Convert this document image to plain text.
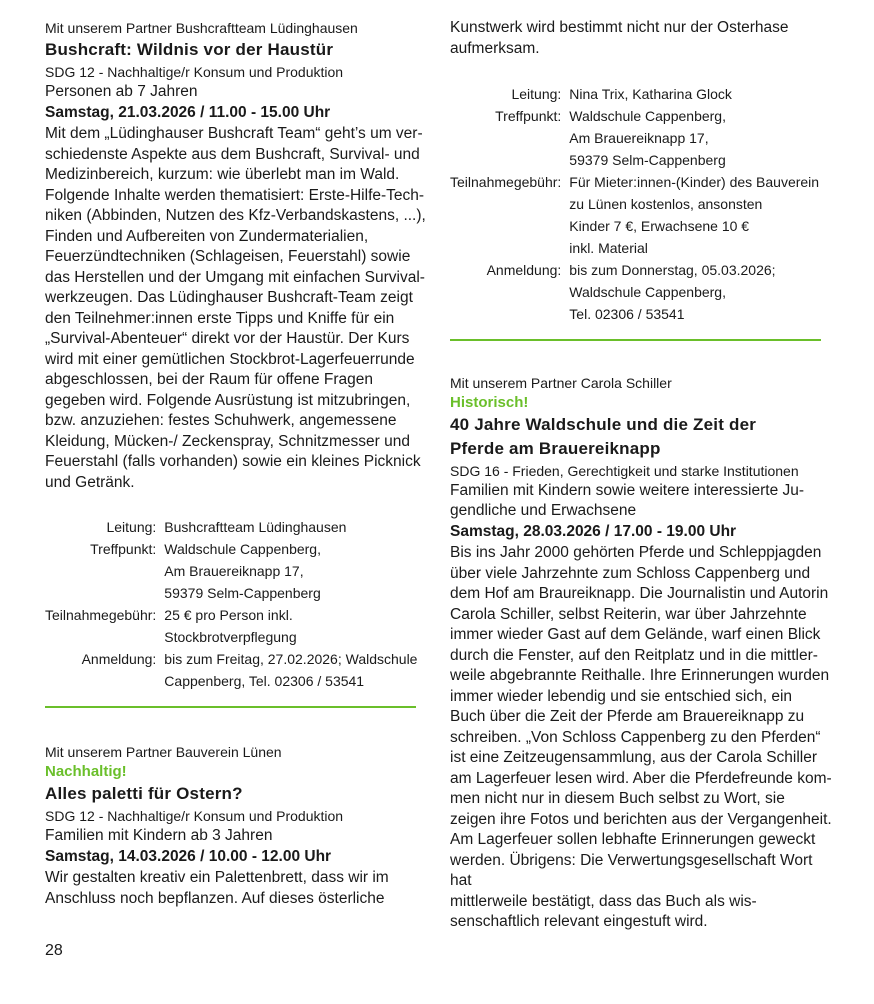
Mit unserem Partner Bushcraftteam Lüdinghausen
Bushcraft: Wildnis vor der Haustür
SDG 12 - Nachhaltige/r Konsum und Produktion
Personen ab 7 Jahren
Samstag, 21.03.2026 / 11.00 - 15.00 Uhr
Mit dem „Lüdinghauser Bushcraft Team“ geht’s um ver-
schiedenste Aspekte aus dem Bushcraft, Survival- und
Medizinbereich, kurzum: wie überlebt man im Wald.
Folgende Inhalte werden thematisiert: Erste-Hilfe-Tech-
niken (Abbinden, Nutzen des Kfz-Verbandskastens, ...),
Finden und Aufbereiten von Zundermaterialien,
Feuerzündtechniken (Schlageisen, Feuerstahl) sowie
das Herstellen und der Umgang mit einfachen Survival-
werkzeugen. Das Lüdinghauser Bushcraft-Team zeigt
den Teilnehmer:innen erste Tipps und Kniffe für ein
„Survival-Abenteuer“ direkt vor der Haustür. Der Kurs
wird mit einer gemütlichen Stockbrot-Lagerfeuerrunde
abgeschlossen, bei der Raum für offene Fragen
gegeben wird. Folgende Ausrüstung ist mitzubringen,
bzw. anzuziehen: festes Schuhwerk, angemessene
Kleidung, Mücken-/ Zeckenspray, Schnitzmesser und
Feuerstahl (falls vorhanden) sowie ein kleines Picknick
und Getränk.
Leitung:	Bushcraftteam Lüdinghausen

Treffpunkt:	Waldschule Cappenberg,
Am Brauereiknapp 17,
59379 Selm-Cappenberg

Teilnahmegebühr:	25 € pro Person inkl.
Stockbrotverpflegung

Anmeldung:	bis zum Freitag, 27.02.2026; Waldschule
Cappenberg, Tel. 02306 / 53541
Mit unserem Partner Bauverein Lünen
Nachhaltig!
Alles paletti für Ostern?
SDG 12 - Nachhaltige/r Konsum und Produktion
Familien mit Kindern ab 3 Jahren
Samstag, 14.03.2026 / 10.00 - 12.00 Uhr
Wir gestalten kreativ ein Palettenbrett, dass wir im
Anschluss noch bepflanzen. Auf dieses österliche
Kunstwerk wird bestimmt nicht nur der Osterhase
aufmerksam.
Leitung:	Nina Trix, Katharina Glock

Treffpunkt:	Waldschule Cappenberg,
Am Brauereiknapp 17,
59379 Selm-Cappenberg

Teilnahmegebühr:	Für Mieter:innen-(Kinder) des Bauverein
zu Lünen kostenlos, ansonsten
Kinder 7 €, Erwachsene 10 €
inkl. Material

Anmeldung:	bis zum Donnerstag, 05.03.2026;
Waldschule Cappenberg,
Tel. 02306 / 53541
Mit unserem Partner Carola Schiller
Historisch!
40 Jahre Waldschule und die Zeit der
Pferde am Brauereiknapp
SDG 16 - Frieden, Gerechtigkeit und starke Institutionen
Familien mit Kindern sowie weitere interessierte Ju-
gendliche und Erwachsene
Samstag, 28.03.2026 / 17.00 - 19.00 Uhr
Bis ins Jahr 2000 gehörten Pferde und Schleppjagden
über viele Jahrzehnte zum Schloss Cappenberg und
dem Hof am Braureiknapp. Die Journalistin und Autorin
Carola Schiller, selbst Reiterin, war über Jahrzehnte
immer wieder Gast auf dem Gelände, warf einen Blick
durch die Fenster, auf den Reitplatz und in die mittler-
weile abgebrannte Reithalle. Ihre Erinnerungen wurden
immer wieder lebendig und sie entschied sich, ein
Buch über die Zeit der Pferde am Brauereiknapp zu
schreiben. „Von Schloss Cappenberg zu den Pferden“
ist eine Zeitzeugensammlung, aus der Carola Schiller
am Lagerfeuer lesen wird. Aber die Pferdefreunde kom-
men nicht nur in diesem Buch selbst zu Wort, sie
zeigen ihre Fotos und berichten aus der Vergangenheit.
Am Lagerfeuer sollen lebhafte Erinnerungen geweckt
werden. Übrigens: Die Verwertungsgesellschaft Wort hat
mittlerweile bestätigt, dass das Buch als wis-
senschaftlich relevant eingestuft wird.
28
